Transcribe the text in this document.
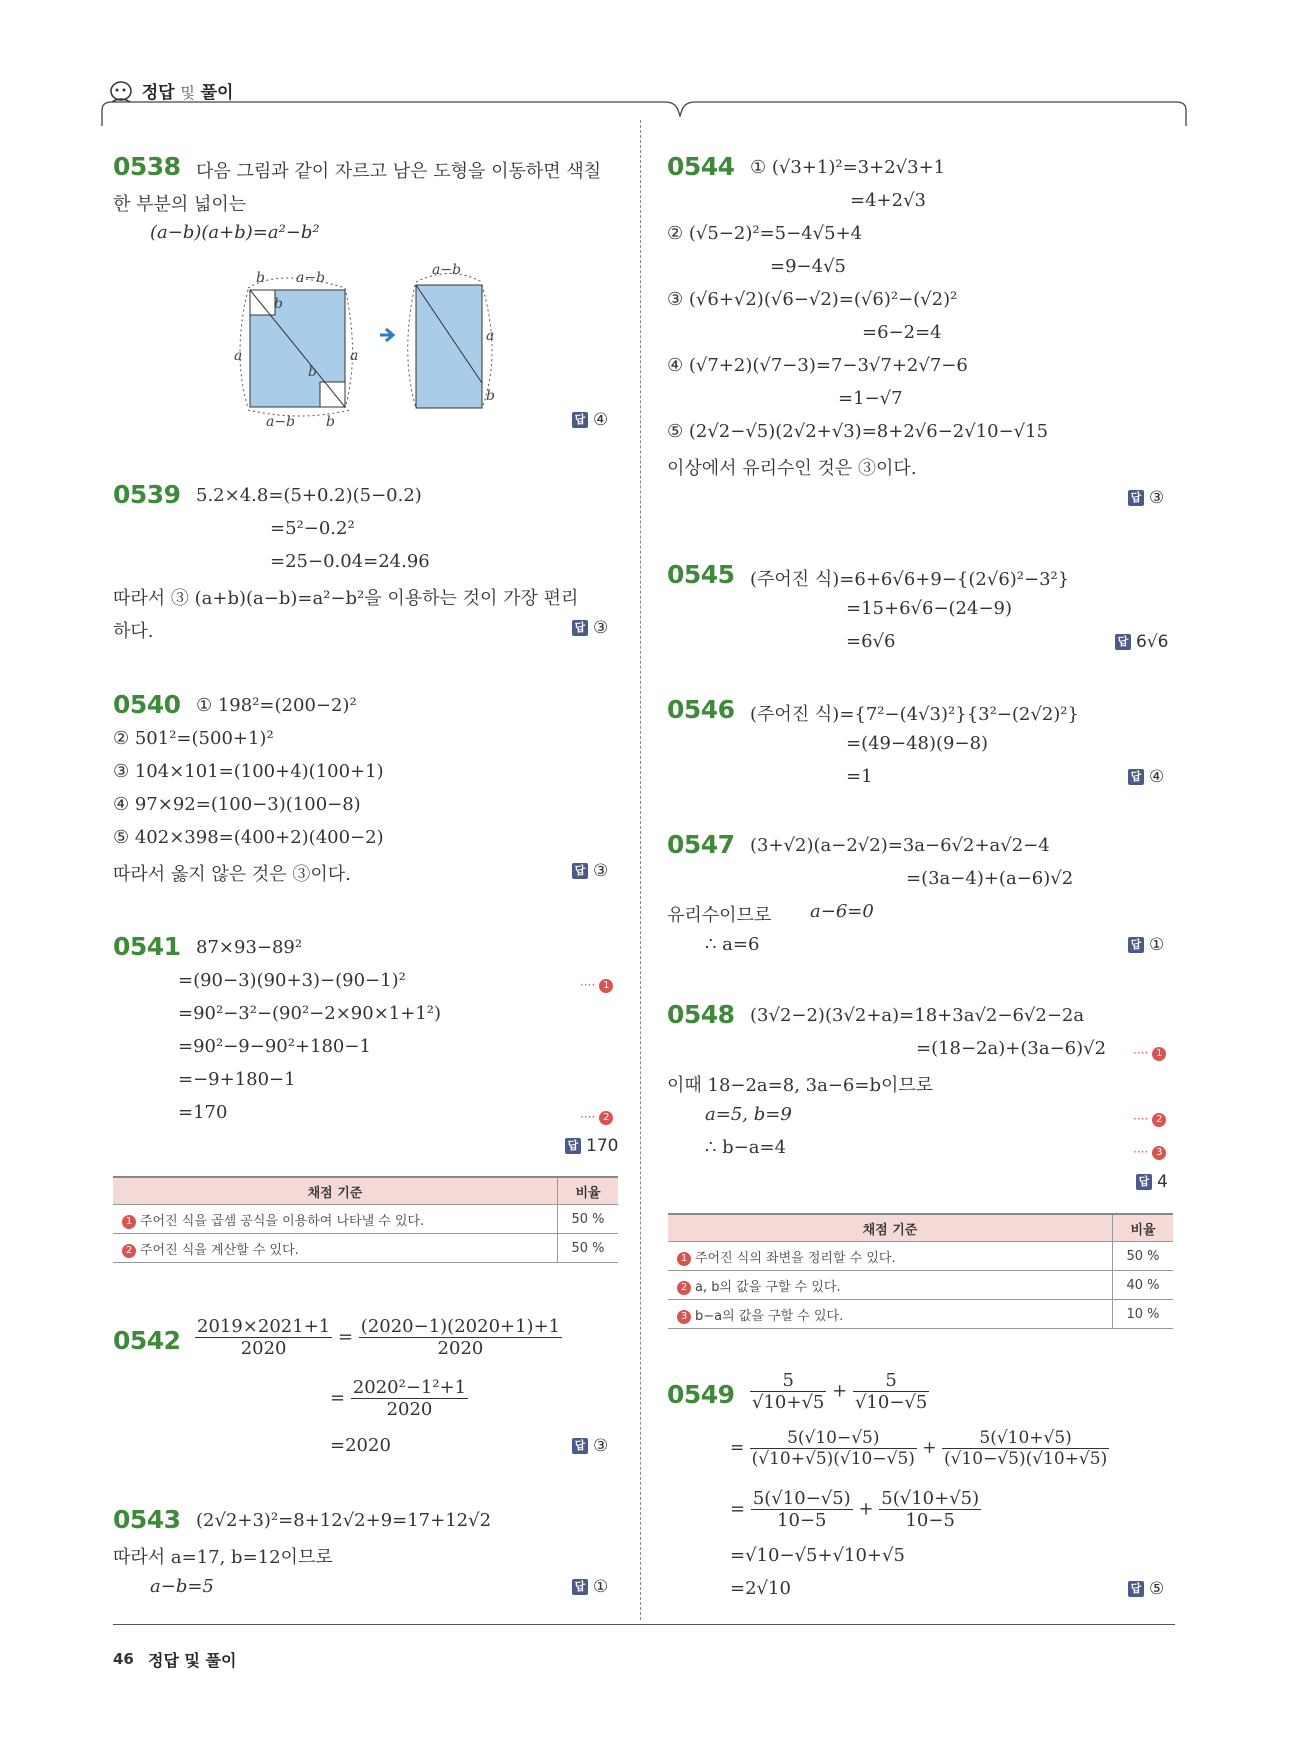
정답 및 풀이
0538 다음 그림과 같이 자르고 남은 도형을 이동하면 색칠
한 부분의 넓이는
(a−b)(a+b)=a²−b²
b a−b
b
a	a
b
a−b b
a−b
a
b
답 ④
0539 5.2×4.8=(5+0.2)(5−0.2)
=5²−0.2²
=25−0.04=24.96
따라서 ③ (a+b)(a−b)=a²−b²을 이용하는 것이 가장 편리
하다.	답 ③
0540 ① 198²=(200−2)²
② 501²=(500+1)²
③ 104×101=(100+4)(100+1)
④ 97×92=(100−3)(100−8)
⑤ 402×398=(400+2)(400−2)
따라서 옳지 않은 것은 ③이다.	답 ③
0541 87×93−89²
=(90−3)(90+3)−(90−1)²	···· 1
=90²−3²−(90²−2×90×1+1²)
=90²−9−90²+180−1
=−9+180−1
=170	···· 2
답 170
채점 기준	비율
1 주어진 식을 곱셈 공식을 이용하여 나타낼 수 있다.	50 %
2 주어진 식을 계산할 수 있다.	50 %
$0542 \frac{2019\times 2021+1}{2020} = \frac{(2020-1)(2020+1)+1}{2020}$
= $\frac{\text{2020²−1²+1}}{2020}$
=2020	답 ③
0543 (2√2+3)²=8+12√2+9=17+12√2
따라서 a=17, b=12이므로
a−b=5	답 ①
0544 ① (√3+1)²=3+2√3+1
=4+2√3
② (√5−2)²=5−4√5+4
=9−4√5
③ (√6+√2)(√6−√2)=(√6)²−(√2)²
=6−2=4
④ (√7+2)(√7−3)=7−3√7+2√7−6
=1−√7
⑤ (2√2−√5)(2√2+√3)=8+2√6−2√10−√15
이상에서 유리수인 것은 ③이다.
답 ③
0545 (주어진 식)=6+6√6+9−{(2√6)²−3²}
=15+6√6−(24−9)
=6√6	답 6√6
0546 (주어진 식)={7²−(4√3)²}{3²−(2√2)²}
=(49−48)(9−8)
=1	답 ④
0547 (3+√2)(a−2√2)=3a−6√2+a√2−4
=(3a−4)+(a−6)√2
유리수이므로 a−6=0
∴ a=6	답 ①
0548 (3√2−2)(3√2+a)=18+3a√2−6√2−2a
=(18−2a)+(3a−6)√2 ···· 1
이때 18−2a=8, 3a−6=b이므로
a=5, b=9	···· 2
∴ b−a=4	···· 3
답 4
채점 기준	비율
1 주어진 식의 좌변을 정리할 수 있다.	50 %
2 a, b의 값을 구할 수 있다.	40 %
3 b−a의 값을 구할 수 있다.	10 %
$0549 \frac{5}{√10+√5} + \frac{5}{√10-√5}$
= $\frac{5(√10-√5)}{(√10+√5)(√10-√5)} + \frac{5(√10+√5)}{(√10-√5)(√10+√5)}$
= $\frac{5(√10-√5)}{10-5} + \frac{5(√10+√5)}{10-5}$
=√10−√5+√10+√5
=2√10	답 ⑤
46 정답 및 풀이
